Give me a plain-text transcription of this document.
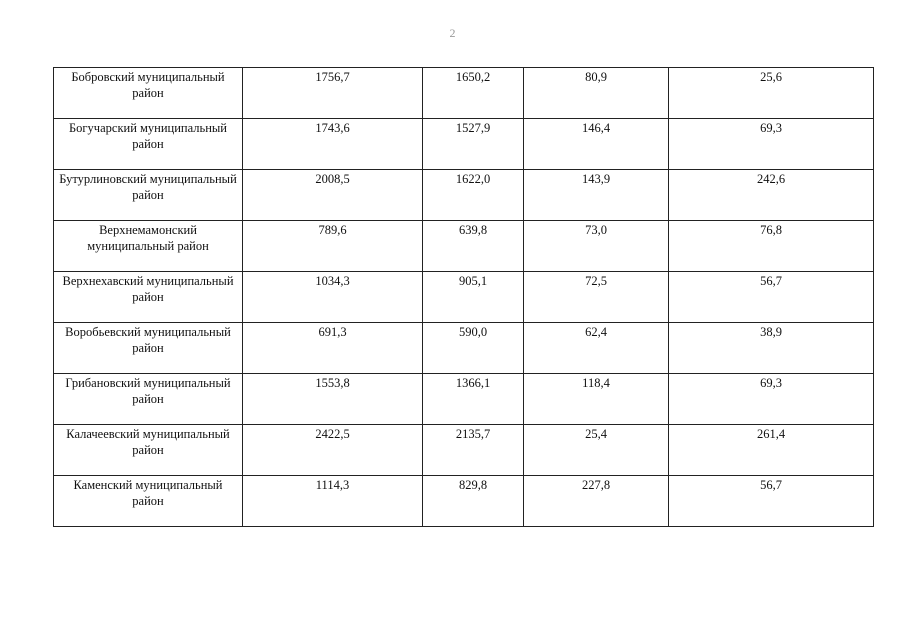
2
Бобровский муниципальный район	1756,7	1650,2	80,9	25,6
Богучарский муниципальный район	1743,6	1527,9	146,4	69,3
Бутурлиновский муниципальный район	2008,5	1622,0	143,9	242,6
Верхнемамонский муниципальный район	789,6	639,8	73,0	76,8
Верхнехавский муниципальный район	1034,3	905,1	72,5	56,7
Воробьевский муниципальный район	691,3	590,0	62,4	38,9
Грибановский муниципальный район	1553,8	1366,1	118,4	69,3
Калачеевский муниципальный район	2422,5	2135,7	25,4	261,4
Каменский муниципальный район	1114,3	829,8	227,8	56,7
